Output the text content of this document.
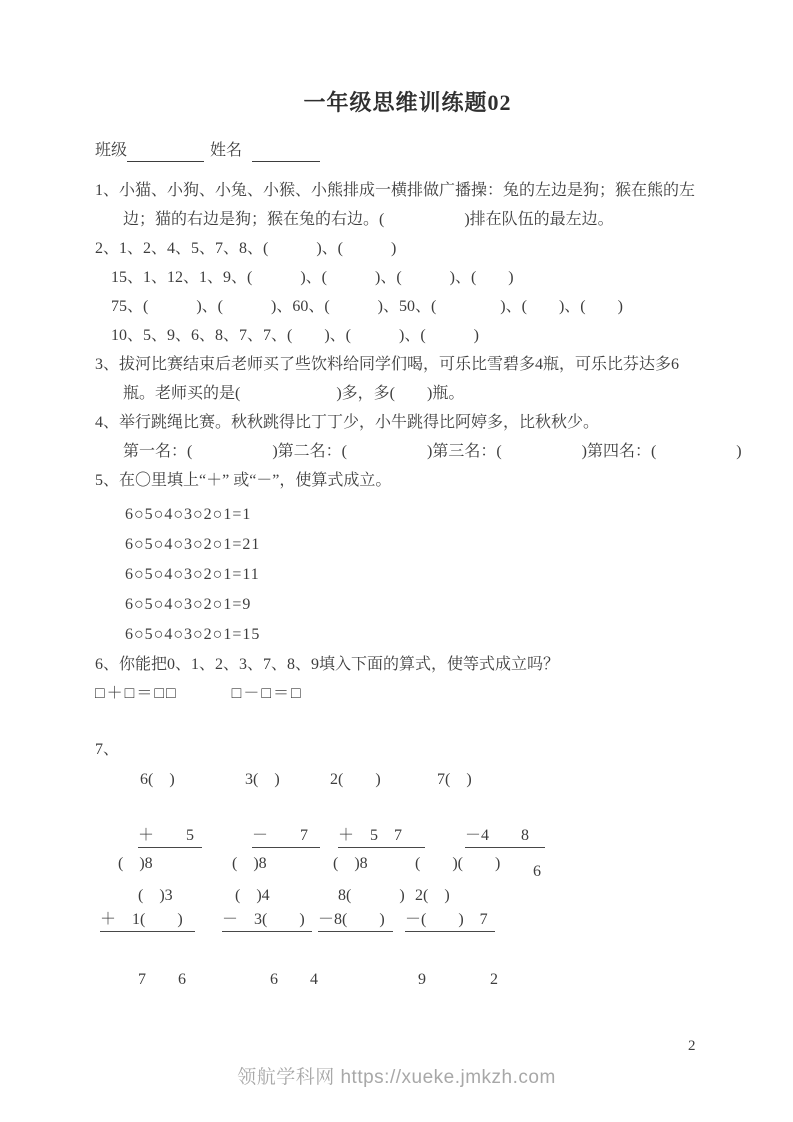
一年级思维训练题02
班级	姓名
1、小猫、小狗、小兔、小猴、小熊排成一横排做广播操：兔的左边是狗；猴在熊的左
边；猫的右边是狗；猴在兔的右边。(　　　　　)排在队伍的最左边。
2、1、2、4、5、7、8、(　　　)、(　　　)
15、1、12、1、9、(　　　)、(　　　)、(　　　)、(　　)
75、(　　　)、(　　　)、60、(　　　)、50、(　　　　)、(　　)、(　　)
10、5、9、6、8、7、7、(　　)、(　　　)、(　　　)
3、拔河比赛结束后老师买了些饮料给同学们喝，可乐比雪碧多4瓶，可乐比芬达多6
瓶。老师买的是(　　　　　　)多，多(　　)瓶。
4、举行跳绳比赛。秋秋跳得比丁丁少，小牛跳得比阿婷多，比秋秋少。
第一名：(　　　　　)第二名：(　　　　　)第三名：(　　　　　)第四名：(　　　　　)
5、在〇里填上“＋” 或“－”，使算式成立。
6○5○4○3○2○1=1
6○5○4○3○2○1=21
6○5○4○3○2○1=11
6○5○4○3○2○1=9
6○5○4○3○2○1=15
6、你能把0、1、2、3、7、8、9填入下面的算式，使等式成立吗？
□＋□＝□□　　　□－□＝□
7、

6(　)

＋　　5

(　)3

3(　)

－　　7

(　)4

2(　　)

＋　5　7

8(　　　)

7(　)

－4　　8

2(　)

(　)8

＋　1(　　)

7　　6

(　)8

－　3(　　)

6　　4

(　)8

－8(　　)

(　　)(　　)

－(　　)　7

9　　　　2

6
领航学科网 https://xueke.jmkzh.com
2
